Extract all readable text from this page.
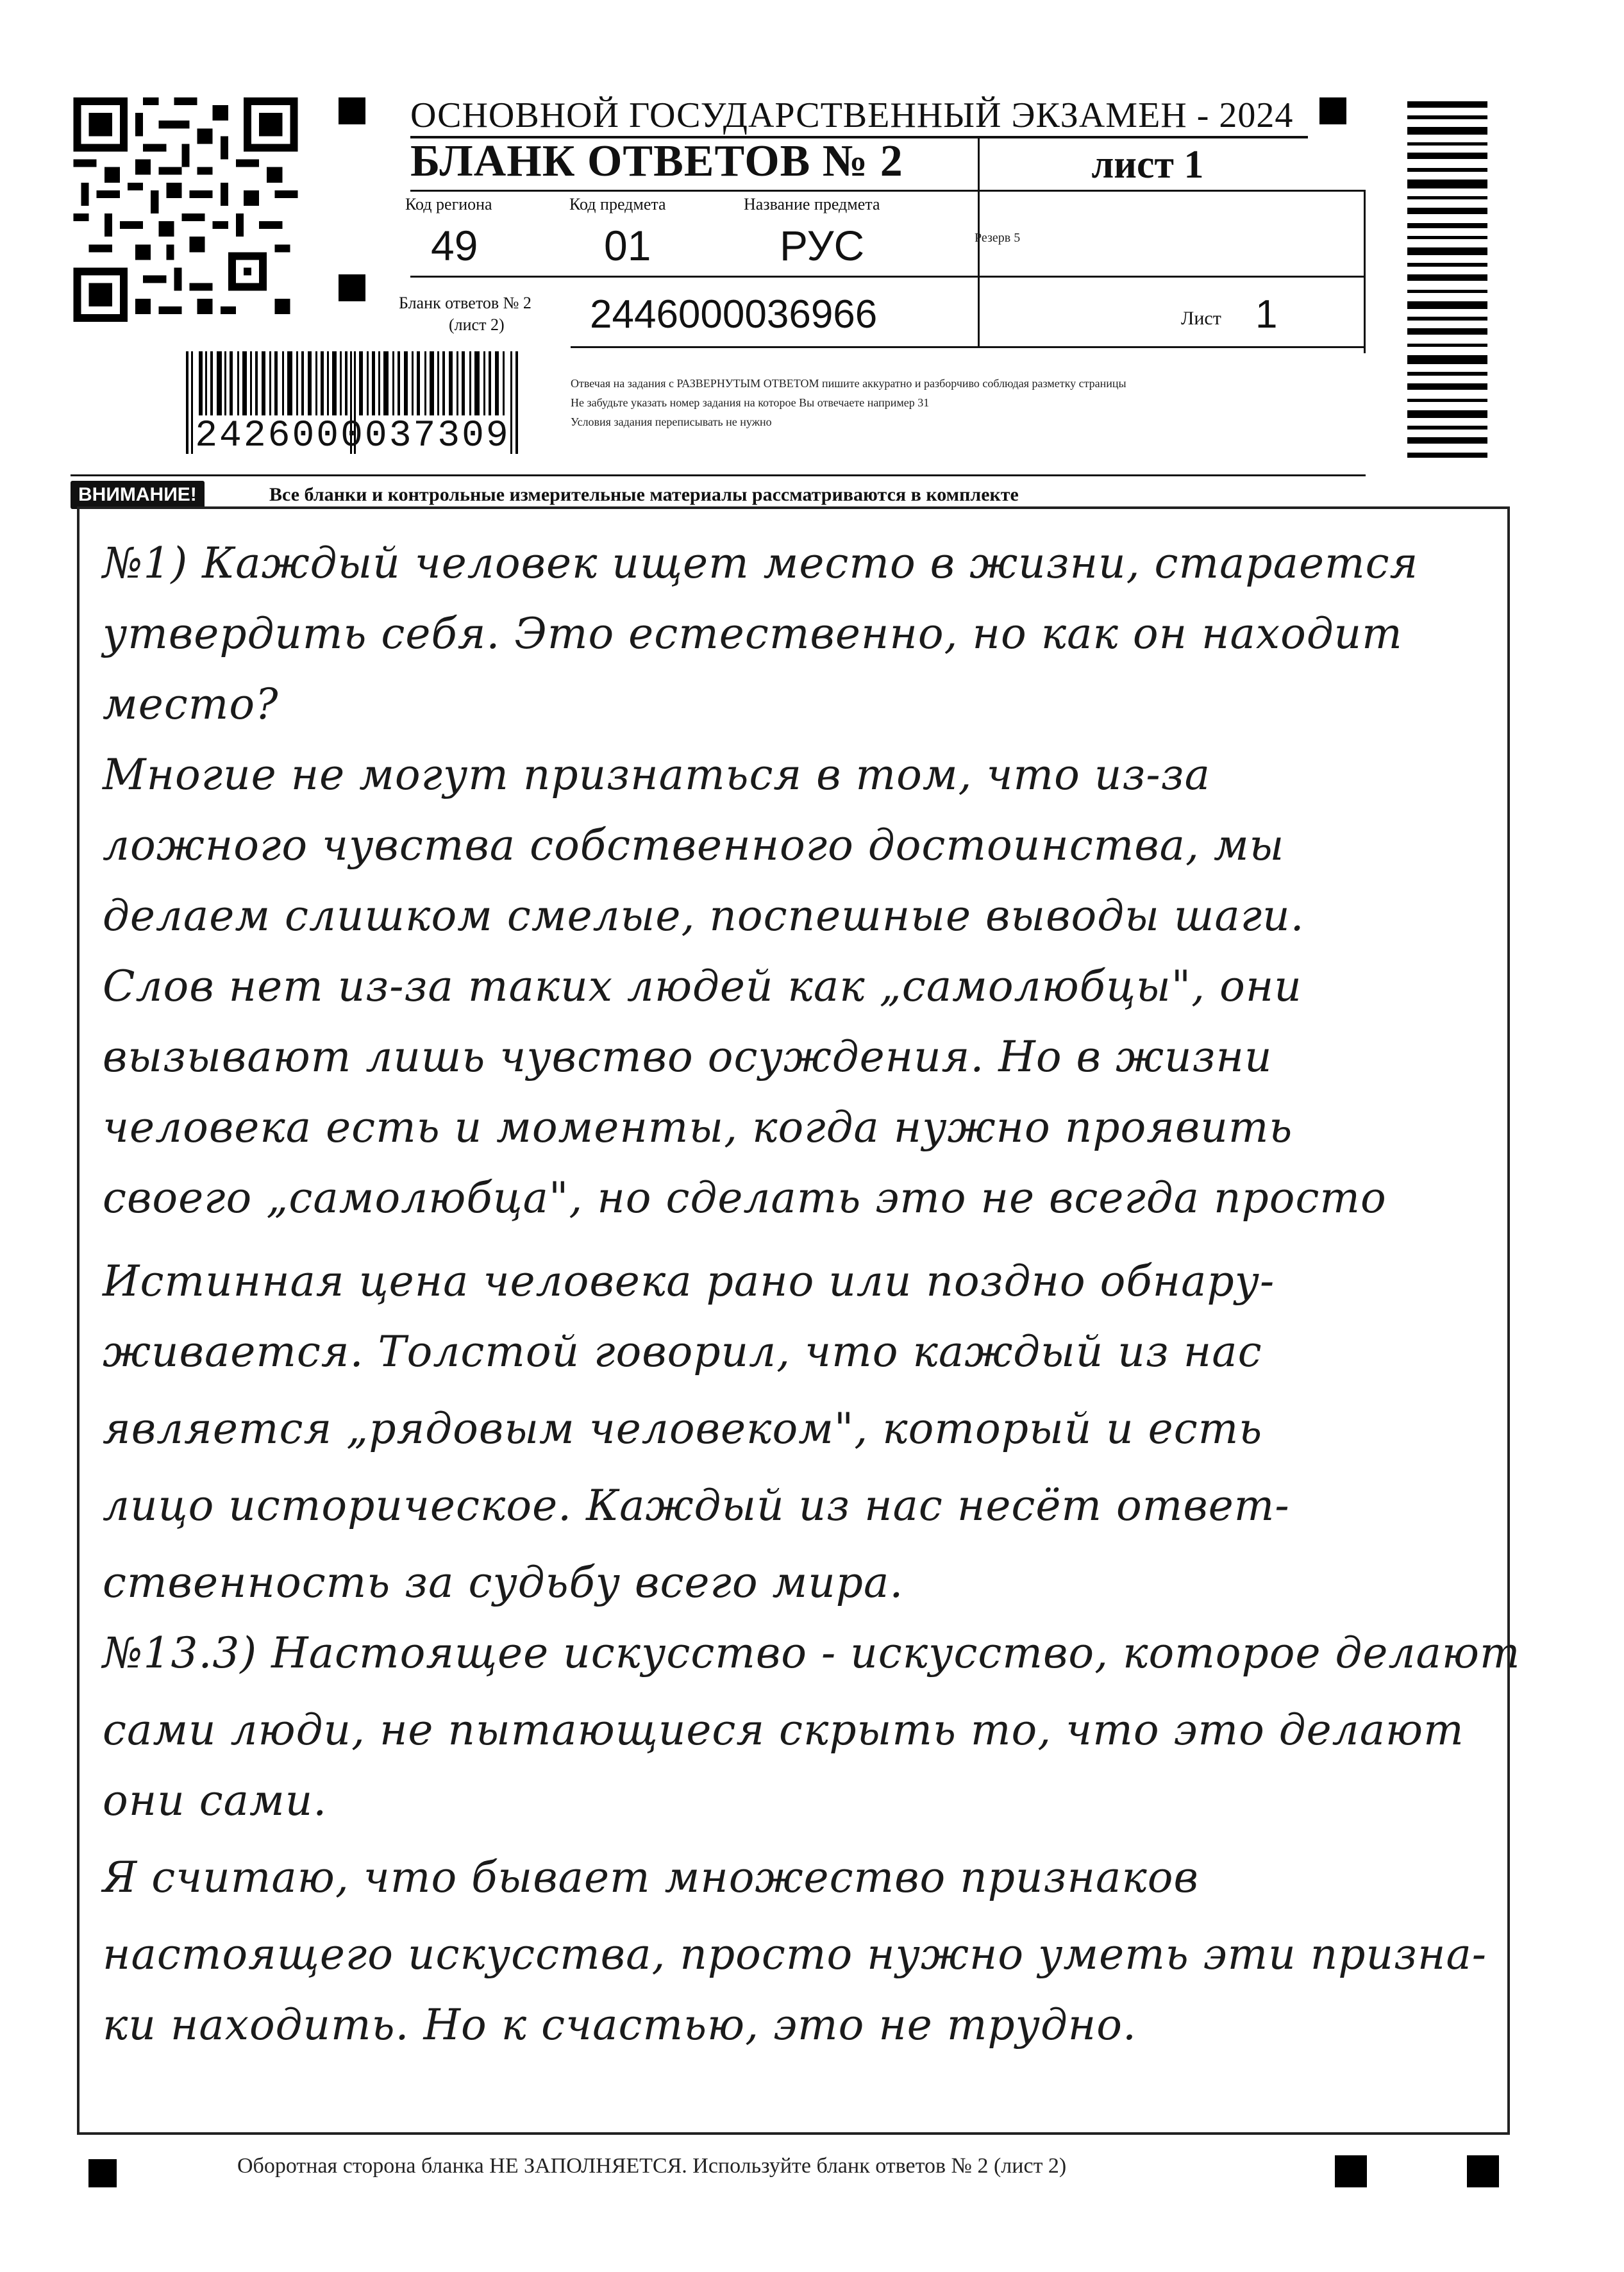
2426000037309
ОСНОВНОЙ ГОСУДАРСТВЕННЫЙ ЭКЗАМЕН - 2024
БЛАНК ОТВЕТОВ № 2	лист 1
Код региона
49
Код предмета
01
Название предмета
РУС	Резерв 5
Бланк ответов № 2
(лист 2) 2446000036966	Лист 1
Отвечая на задания с РАЗВЕРНУТЫМ ОТВЕТОМ пишите аккуратно и разборчиво соблюдая разметку страницы
Не забудьте указать номер задания на которое Вы отвечаете например 31
Условия задания переписывать не нужно
ВНИМАНИЕ!	Все бланки и контрольные измерительные материалы рассматриваются в комплекте
№1) Каждый человек ищет место в жизни, старается
утвердить себя. Это естественно, но как он находит
место?
Многие не могут признаться в том, что из-за
ложного чувства собственного достоинства, мы
делаем слишком смелые, поспешные выводы шаги.
Слов нет из-за таких людей как „самолюбцы", они
вызывают лишь чувство осуждения. Но в жизни
человека есть и моменты, когда нужно проявить
своего „самолюбца", но сделать это не всегда просто
Истинная цена человека рано или поздно обнару-
живается. Толстой говорил, что каждый из нас
является „рядовым человеком", который и есть
лицо историческое. Каждый из нас несёт ответ-
ственность за судьбу всего мира.
№13.3) Настоящее искусство - искусство, которое делают
сами люди, не пытающиеся скрыть то, что это делают
они сами.
Я считаю, что бывает множество признаков
настоящего искусства, просто нужно уметь эти призна-
ки находить. Но к счастью, это не трудно.
Оборотная сторона бланка НЕ ЗАПОЛНЯЕТСЯ. Используйте бланк ответов № 2 (лист 2)
